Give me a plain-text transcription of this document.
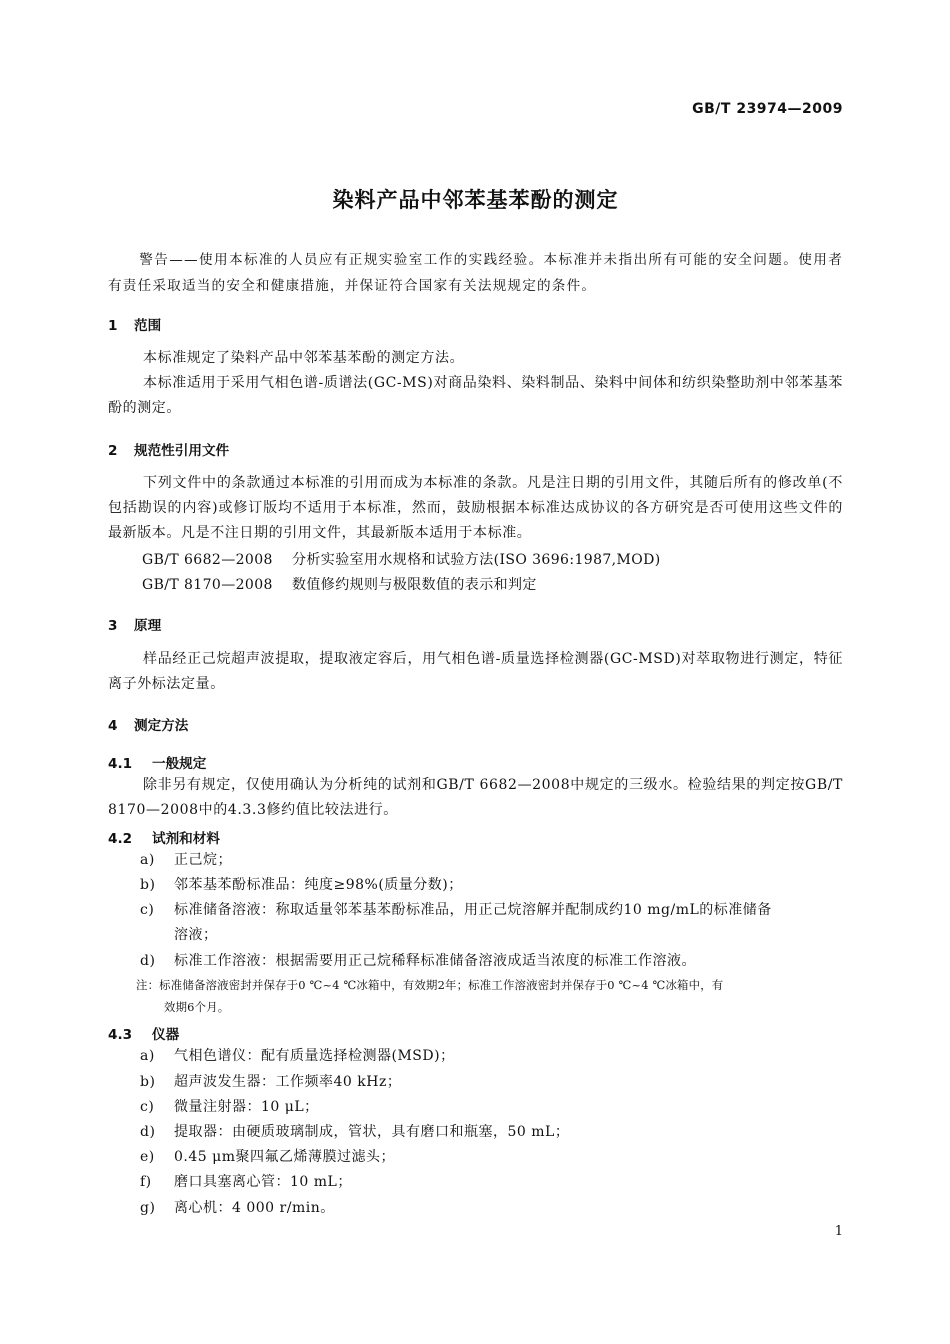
GB/T 23974—2009
染料产品中邻苯基苯酚的测定
警告——使用本标准的人员应有正规实验室工作的实践经验。本标准并未指出所有可能的安全问题。使用者有责任采取适当的安全和健康措施，并保证符合国家有关法规规定的条件。
1 范围
本标准规定了染料产品中邻苯基苯酚的测定方法。
本标准适用于采用气相色谱-质谱法(GC-MS)对商品染料、染料制品、染料中间体和纺织染整助剂中邻苯基苯酚的测定。
2 规范性引用文件
下列文件中的条款通过本标准的引用而成为本标准的条款。凡是注日期的引用文件，其随后所有的修改单(不包括勘误的内容)或修订版均不适用于本标准，然而，鼓励根据本标准达成协议的各方研究是否可使用这些文件的最新版本。凡是不注日期的引用文件，其最新版本适用于本标准。
GB/T 6682—2008 分析实验室用水规格和试验方法(ISO 3696:1987,MOD)
GB/T 8170—2008 数值修约规则与极限数值的表示和判定
3 原理
样品经正己烷超声波提取，提取液定容后，用气相色谱-质量选择检测器(GC-MSD)对萃取物进行测定，特征离子外标法定量。
4 测定方法
4.1 一般规定
除非另有规定，仅使用确认为分析纯的试剂和GB/T 6682—2008中规定的三级水。检验结果的判定按GB/T 8170—2008中的4.3.3修约值比较法进行。
4.2 试剂和材料
a) 正己烷；
b) 邻苯基苯酚标准品：纯度≥98%(质量分数)；
c) 标准储备溶液：称取适量邻苯基苯酚标准品，用正己烷溶解并配制成约10 mg/mL的标准储备
溶液；
d) 标准工作溶液：根据需要用正己烷稀释标准储备溶液成适当浓度的标准工作溶液。
注：标准储备溶液密封并保存于0 ℃~4 ℃冰箱中，有效期2年；标准工作溶液密封并保存于0 ℃~4 ℃冰箱中，有
效期6个月。
4.3 仪器
a) 气相色谱仪：配有质量选择检测器(MSD)；
b) 超声波发生器：工作频率40 kHz；
c) 微量注射器：10 μL；
d) 提取器：由硬质玻璃制成，管状，具有磨口和瓶塞，50 mL；
e) 0.45 μm聚四氟乙烯薄膜过滤头；
f) 磨口具塞离心管：10 mL；
g) 离心机：4 000 r/min。
1
